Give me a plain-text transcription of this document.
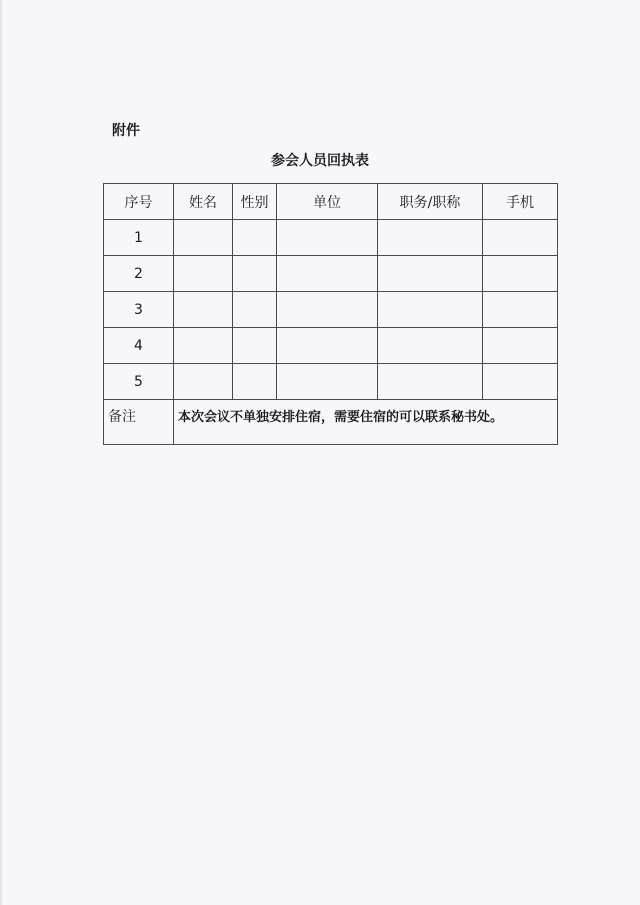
附件
参会人员回执表
序号	姓名	性别	单位	职务/职称	手机
1					
2					
3					
4					
5					
备注	本次会议不单独安排住宿，需要住宿的可以联系秘书处。				
